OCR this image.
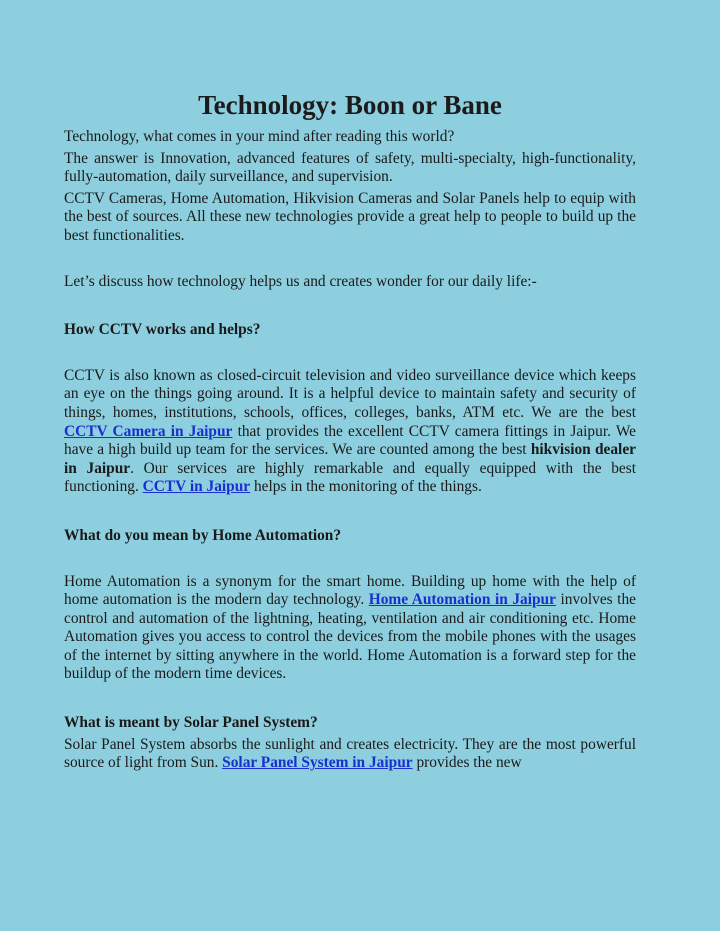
Technology: Boon or Bane

Technology, what comes in your mind after reading this world?

The answer is Innovation, advanced features of safety, multi-specialty, high-functionality, fully-automation, daily surveillance, and supervision.

CCTV Cameras, Home Automation, Hikvision Cameras and Solar Panels help to equip with the best of sources. All these new technologies provide a great help to people to build up the best functionalities.

Let’s discuss how technology helps us and creates wonder for our daily life:-

How CCTV works and helps?

CCTV is also known as closed-circuit television and video surveillance device which keeps an eye on the things going around. It is a helpful device to maintain safety and security of things, homes, institutions, schools, offices, colleges, banks, ATM etc. We are the best CCTV Camera in Jaipur that provides the excellent CCTV camera fittings in Jaipur. We have a high build up team for the services. We are counted among the best hikvision dealer in Jaipur. Our services are highly remarkable and equally equipped with the best functioning. CCTV in Jaipur helps in the monitoring of the things.

What do you mean by Home Automation?

Home Automation is a synonym for the smart home. Building up home with the help of home automation is the modern day technology. Home Automation in Jaipur involves the control and automation of the lightning, heating, ventilation and air conditioning etc. Home Automation gives you access to control the devices from the mobile phones with the usages of the internet by sitting anywhere in the world. Home Automation is a forward step for the buildup of the modern time devices.

What is meant by Solar Panel System?

Solar Panel System absorbs the sunlight and creates electricity. They are the most powerful source of light from Sun. Solar Panel System in Jaipur provides the new
